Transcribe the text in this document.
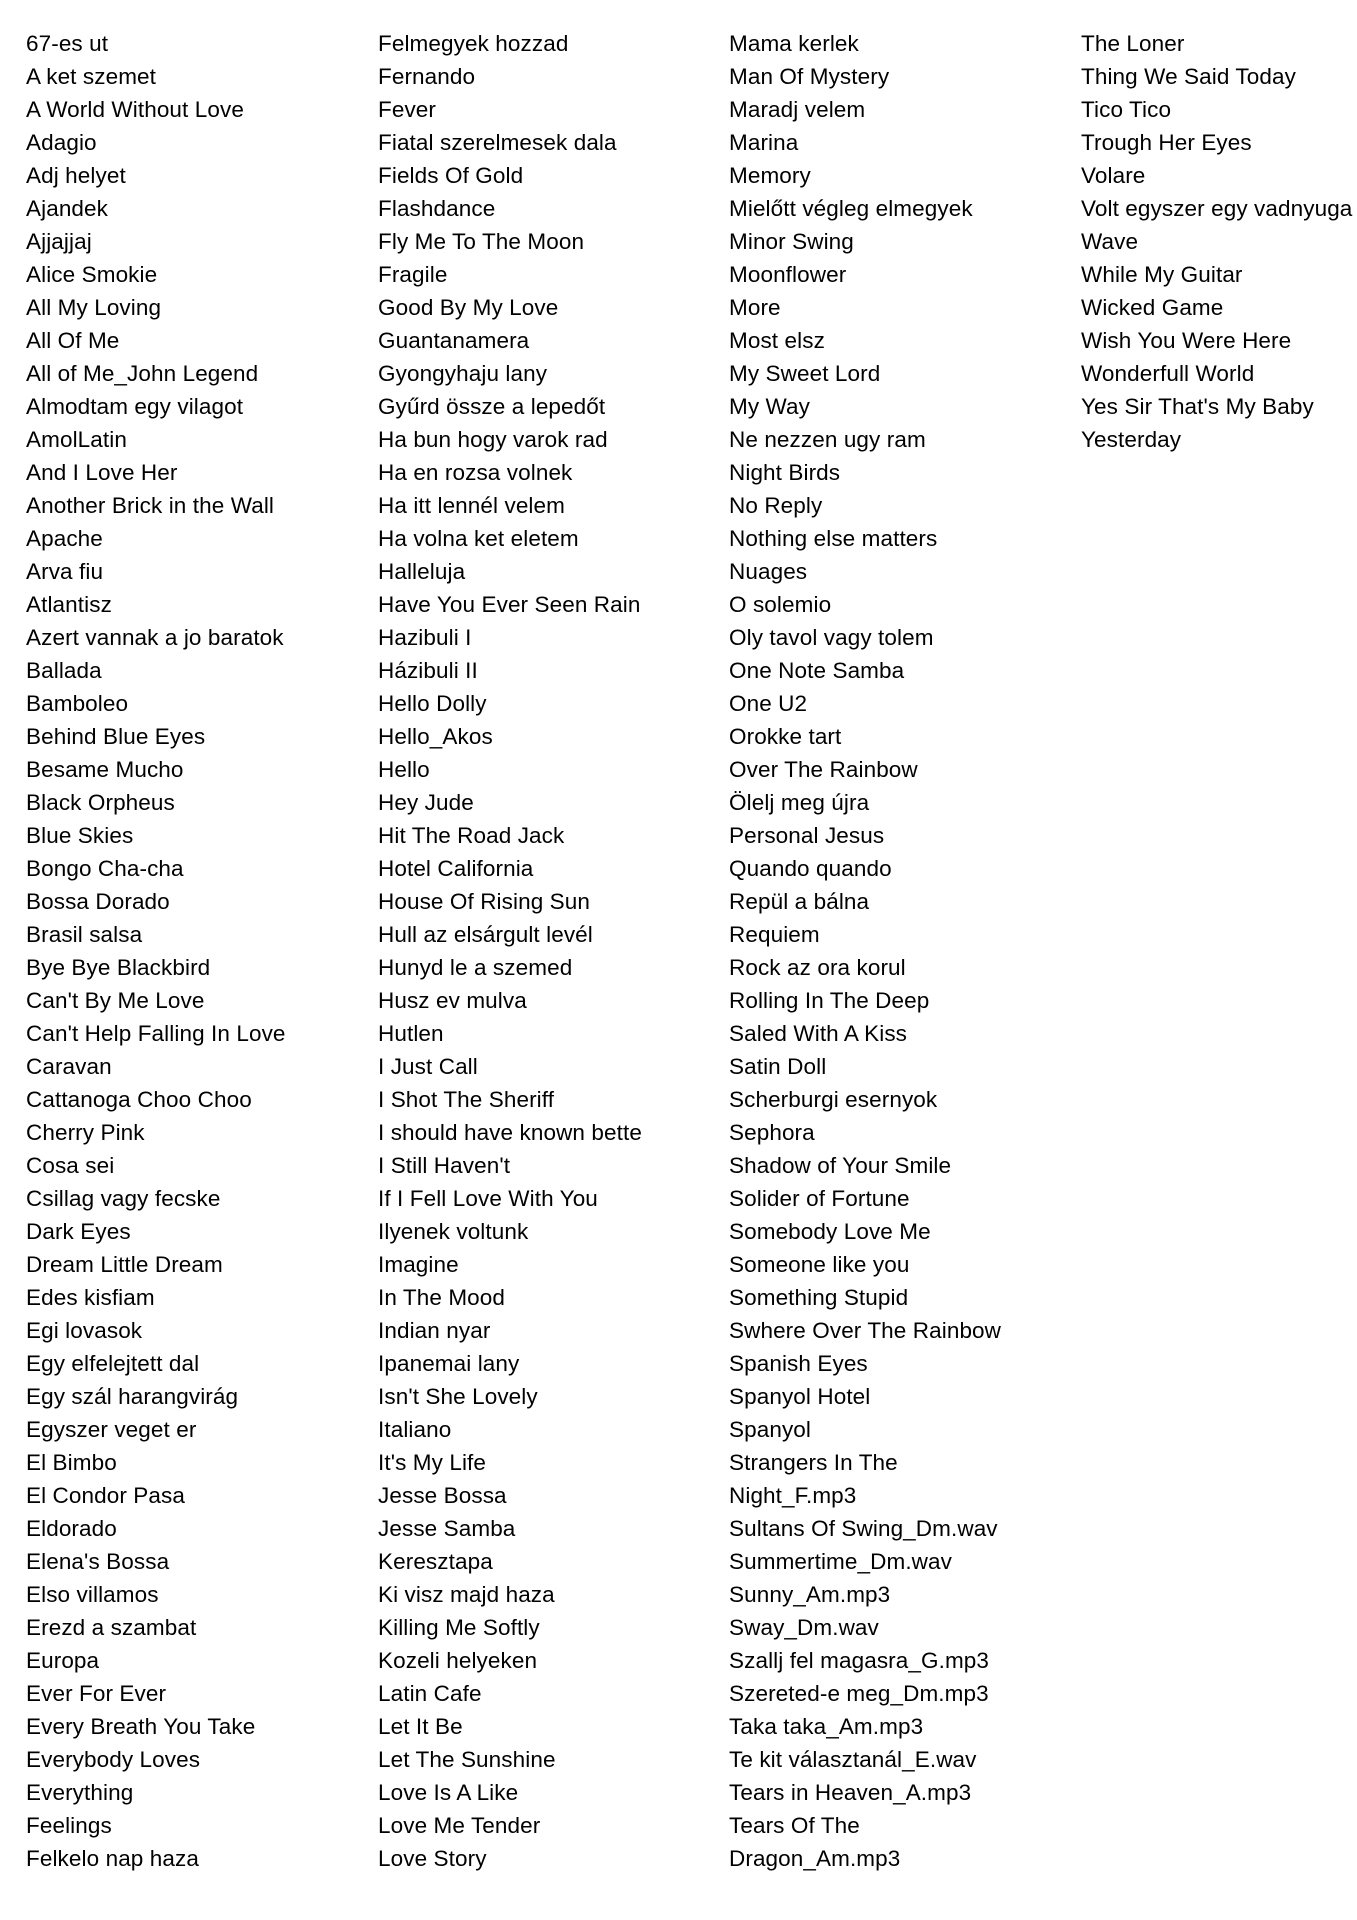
67-es ut
A ket szemet
A World Without Love
Adagio
Adj helyet
Ajandek
Ajjajjaj
Alice Smokie
All My Loving
All Of Me
All of Me_John Legend
Almodtam egy vilagot
AmolLatin
And I Love Her
Another Brick in the Wall
Apache
Arva fiu
Atlantisz
Azert vannak a jo baratok
Ballada
Bamboleo
Behind Blue Eyes
Besame Mucho
Black Orpheus
Blue Skies
Bongo Cha-cha
Bossa Dorado
Brasil salsa
Bye Bye Blackbird
Can't By Me Love
Can't Help Falling In Love
Caravan
Cattanoga Choo Choo
Cherry Pink
Cosa sei
Csillag vagy fecske
Dark Eyes
Dream Little Dream
Edes kisfiam
Egi lovasok
Egy elfelejtett dal
Egy szál harangvirág
Egyszer veget er
El Bimbo
El Condor Pasa
Eldorado
Elena's Bossa
Elso villamos
Erezd a szambat
Europa
Ever For Ever
Every Breath You Take
Everybody Loves
Everything
Feelings
Felkelo nap haza
Felmegyek hozzad
Fernando
Fever
Fiatal szerelmesek dala
Fields Of Gold
Flashdance
Fly Me To The Moon
Fragile
Good By My Love
Guantanamera
Gyongyhaju lany
Gyűrd össze a lepedőt
Ha bun hogy varok rad
Ha en rozsa volnek
Ha itt lennél velem
Ha volna ket eletem
Halleluja
Have You Ever Seen Rain
Hazibuli I
Házibuli II
Hello Dolly
Hello_Akos
Hello
Hey Jude
Hit The Road Jack
Hotel California
House Of Rising Sun
Hull az elsárgult levél
Hunyd le a szemed
Husz ev mulva
Hutlen
I Just Call
I Shot The Sheriff
I should have known bette
I Still Haven't
If I Fell Love With You
Ilyenek voltunk
Imagine
In The Mood
Indian nyar
Ipanemai lany
Isn't She Lovely
Italiano
It's My Life
Jesse Bossa
Jesse Samba
Keresztapa
Ki visz majd haza
Killing Me Softly
Kozeli helyeken
Latin Cafe
Let It Be
Let The Sunshine
Love Is A Like
Love Me Tender
Love Story
Mama kerlek
Man Of Mystery
Maradj velem
Marina
Memory
Mielőtt végleg elmegyek
Minor Swing
Moonflower
More
Most elsz
My Sweet Lord
My Way
Ne nezzen ugy ram
Night Birds
No Reply
Nothing else matters
Nuages
O solemio
Oly tavol vagy tolem
One Note Samba
One U2
Orokke tart
Over The Rainbow
Ölelj meg újra
Personal Jesus
Quando quando
Repül a bálna
Requiem
Rock az ora korul
Rolling In The Deep
Saled With A Kiss
Satin Doll
Scherburgi esernyok
Sephora
Shadow of Your Smile
Solider of Fortune
Somebody Love Me
Someone like you
Something Stupid
Swhere Over The Rainbow
Spanish Eyes
Spanyol Hotel
Spanyol
Strangers In The
Night_F.mp3
Sultans Of Swing_Dm.wav
Summertime_Dm.wav
Sunny_Am.mp3
Sway_Dm.wav
Szallj fel magasra_G.mp3
Szereted-e meg_Dm.mp3
Taka taka_Am.mp3
Te kit választanál_E.wav
Tears in Heaven_A.mp3
Tears Of The
Dragon_Am.mp3
The Loner
Thing We Said Today
Tico Tico
Trough Her Eyes
Volare
Volt egyszer egy vadnyuga
Wave
While My Guitar
Wicked Game
Wish You Were Here
Wonderfull World
Yes Sir That's My Baby
Yesterday
